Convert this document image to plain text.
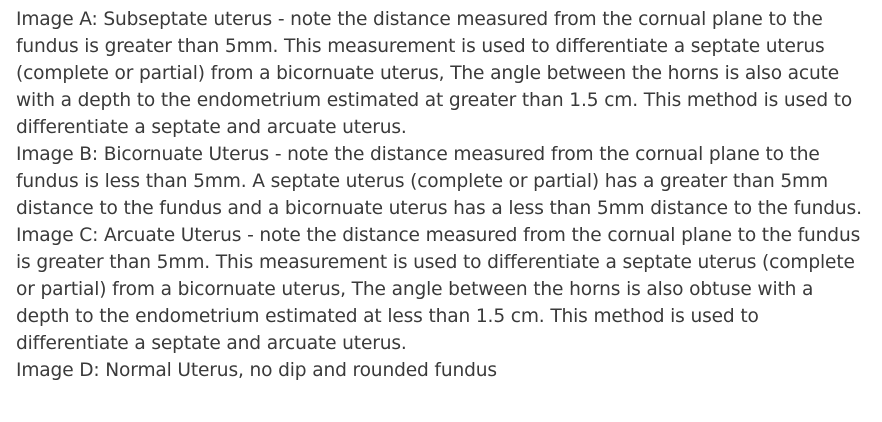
Image A: Subseptate uterus - note the distance measured from the cornual plane to the fundus is greater than 5mm. This measurement is used to differentiate a septate uterus (complete or partial) from a bicornuate uterus, The angle between the horns is also acute with a depth to the endometrium estimated at greater than 1.5 cm. This method is used to differentiate a septate and arcuate uterus.

Image B: Bicornuate Uterus - note the distance measured from the cornual plane to the fundus is less than 5mm. A septate uterus (complete or partial) has a greater than 5mm distance to the fundus and a bicornuate uterus has a less than 5mm distance to the fundus.

Image C: Arcuate Uterus - note the distance measured from the cornual plane to the fundus is greater than 5mm. This measurement is used to differentiate a septate uterus (complete or partial) from a bicornuate uterus, The angle between the horns is also obtuse with a depth to the endometrium estimated at less than 1.5 cm. This method is used to differentiate a septate and arcuate uterus.

Image D: Normal Uterus, no dip and rounded fundus
